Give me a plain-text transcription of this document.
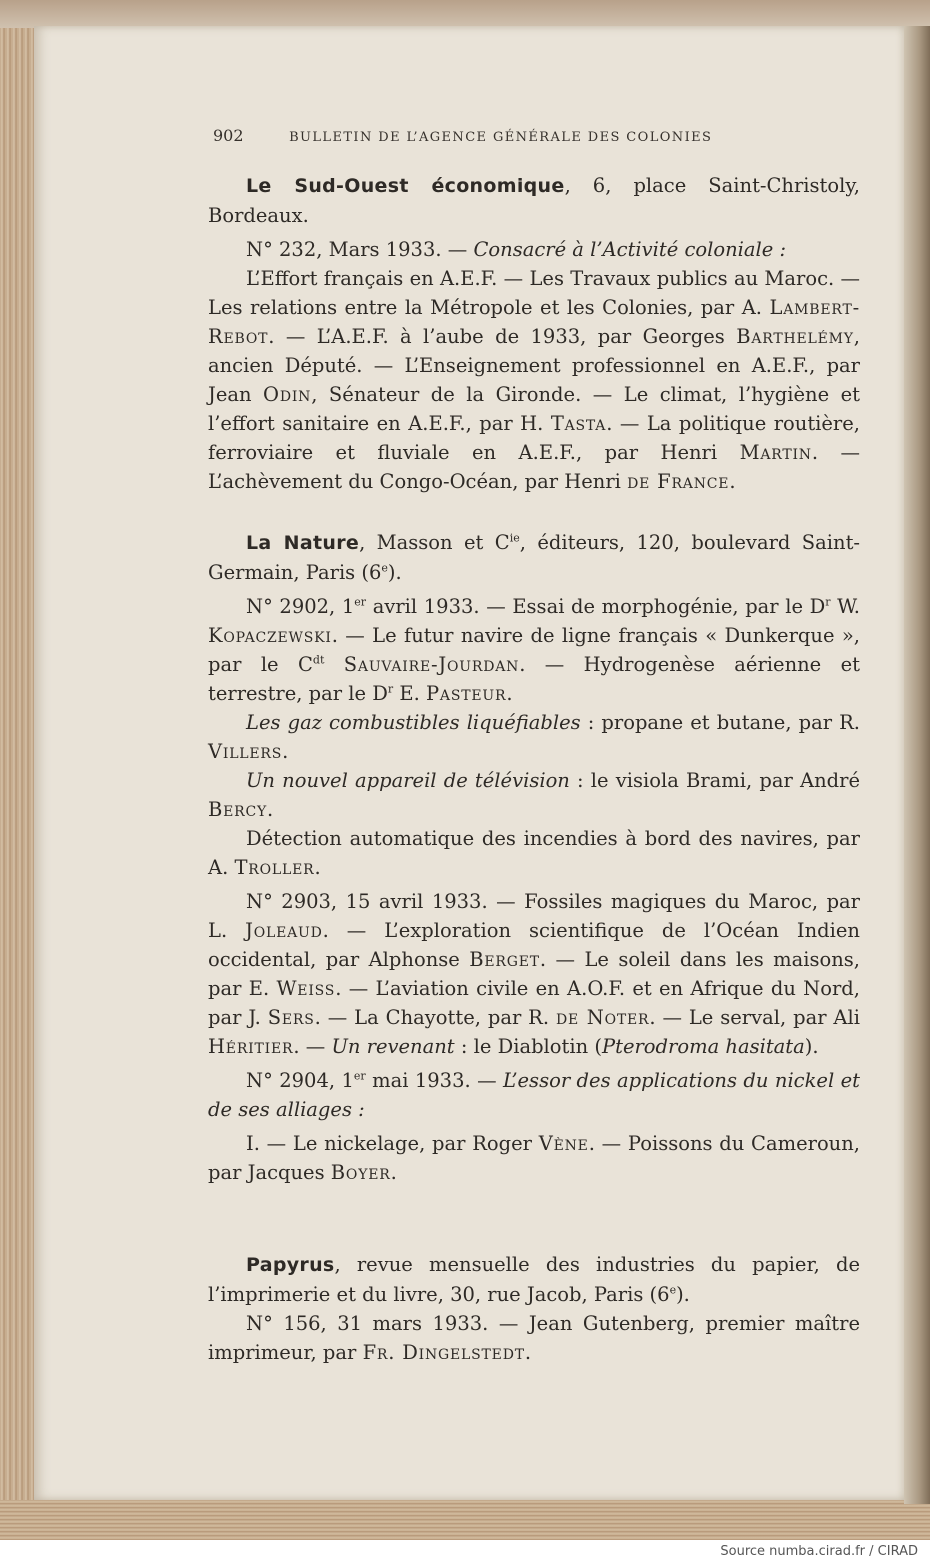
902	BULLETIN DE L’AGENCE GÉNÉRALE DES COLONIES

Le Sud-Ouest économique, 6, place Saint-Christoly, Bordeaux.

N° 232, Mars 1933. — Consacré à l’Activité coloniale :

L’Effort français en A.E.F. — Les Travaux publics au Maroc. — Les relations entre la Métropole et les Colonies, par A. Lambert-Rebot. — L’A.E.F. à l’aube de 1933, par Georges Barthelémy, ancien Député. — L’Enseignement professionnel en A.E.F., par Jean Odin, Sénateur de la Gironde. — Le climat, l’hygiène et l’effort sanitaire en A.E.F., par H. Tasta. — La politique routière, ferroviaire et fluviale en A.E.F., par Henri Martin. — L’achèvement du Congo-Océan, par Henri de France.

La Nature, Masson et $C^{ie}$, éditeurs, 120, boulevard Saint-Germain, Paris (6e).

N° 2902, 1er avril 1933. — Essai de morphogénie, par le $D^r$ W. Kopaczewski. — Le futur navire de ligne français « Dunkerque », par le $C^{dt}$ Sauvaire-Jourdan. — Hydrogenèse aérienne et terrestre, par le $D^r$ E. Pasteur.

Les gaz combustibles liquéfiables : propane et butane, par R. Villers.

Un nouvel appareil de télévision : le visiola Brami, par André Bercy.

Détection automatique des incendies à bord des navires, par A. Troller.

N° 2903, 15 avril 1933. — Fossiles magiques du Maroc, par L. Joleaud. — L’exploration scientifique de l’Océan Indien occidental, par Alphonse Berget. — Le soleil dans les maisons, par E. Weiss. — L’aviation civile en A.O.F. et en Afrique du Nord, par J. Sers. — La Chayotte, par R. de Noter. — Le serval, par Ali Héritier. — Un revenant : le Diablotin (Pterodroma hasitata).

N° 2904, 1er mai 1933. — L’essor des applications du nickel et de ses alliages :

I. — Le nickelage, par Roger Vène. — Poissons du Cameroun, par Jacques Boyer.

Papyrus, revue mensuelle des industries du papier, de l’imprimerie et du livre, 30, rue Jacob, Paris (6e).

N° 156, 31 mars 1933. — Jean Gutenberg, premier maître imprimeur, par Fr. Dingelstedt.

Source numba.cirad.fr / CIRAD
